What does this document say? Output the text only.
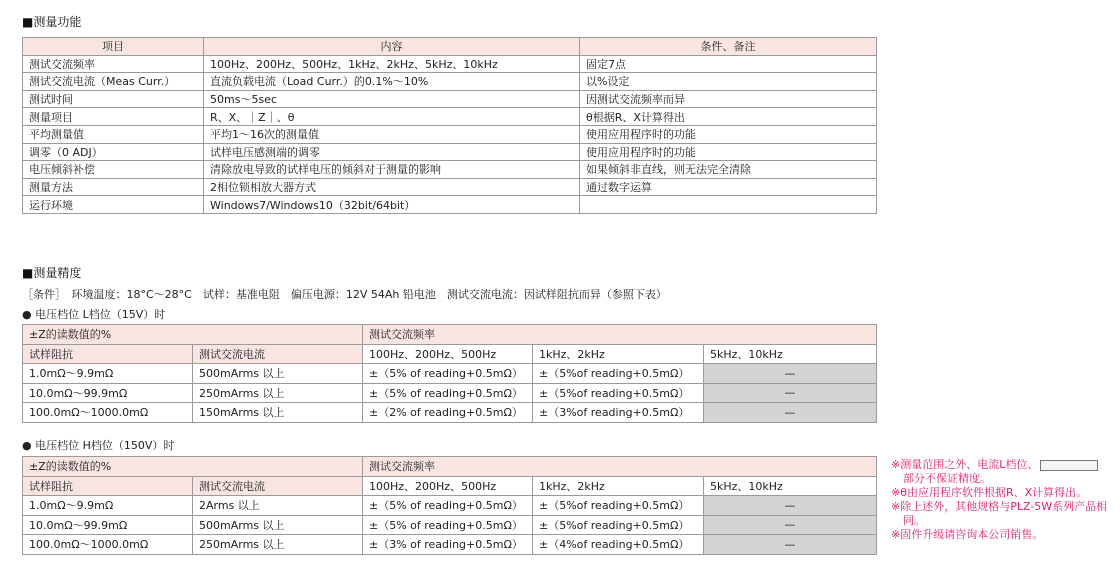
■测量功能
项目	内容	条件、备注
测试交流频率	100Hz、200Hz、500Hz、1kHz、2kHz、5kHz、10kHz	固定7点
测试交流电流（Meas Curr.）	直流负载电流（Load Curr.）的0.1%～10%	以%设定
测试时间	50ms～5sec	因测试交流频率而异
测量项目	R、X、｜Z｜、θ	θ根据R、X计算得出
平均测量值	平均1～16次的测量值	使用应用程序时的功能
调零（0 ADJ）	试样电压感测端的调零	使用应用程序时的功能
电压倾斜补偿	清除放电导致的试样电压的倾斜对于测量的影响	如果倾斜非直线，则无法完全清除
测量方法	2相位锁相放大器方式	通过数字运算
运行环境	Windows7/Windows10（32bit/64bit）	
■测量精度
［条件］　环境温度：18°C～28°C　试样：基准电阻　偏压电源：12V 54Ah 铅电池　测试交流电流：因试样阻抗而异（参照下表）
● 电压档位 L档位（15V）时
±Z的读数值的%		测试交流频率		
试样阻抗	测试交流电流	100Hz、200Hz、500Hz	1kHz、2kHz	5kHz、10kHz
1.0mΩ～9.9mΩ	500mArms 以上	±（5% of reading+0.5mΩ）	±（5%of reading+0.5mΩ）	—
10.0mΩ～99.9mΩ	250mArms 以上	±（5% of reading+0.5mΩ）	±（5%of reading+0.5mΩ）	—
100.0mΩ～1000.0mΩ	150mArms 以上	±（2% of reading+0.5mΩ）	±（3%of reading+0.5mΩ）	—
● 电压档位 H档位（150V）时
±Z的读数值的%		测试交流频率		
试样阻抗	测试交流电流	100Hz、200Hz、500Hz	1kHz、2kHz	5kHz、10kHz
1.0mΩ～9.9mΩ	2Arms 以上	±（5% of reading+0.5mΩ）	±（5%of reading+0.5mΩ）	—
10.0mΩ～99.9mΩ	500mArms 以上	±（5% of reading+0.5mΩ）	±（5%of reading+0.5mΩ）	—
100.0mΩ～1000.0mΩ	250mArms 以上	±（3% of reading+0.5mΩ）	±（4%of reading+0.5mΩ）	—
※测量范围之外、电流L档位、
部分不保证精度。
※θ由应用程序软件根据R、X计算得出。
※除上述外，其他规格与PLZ-5W系列产品相同。
※固件升级请咨询本公司销售。
